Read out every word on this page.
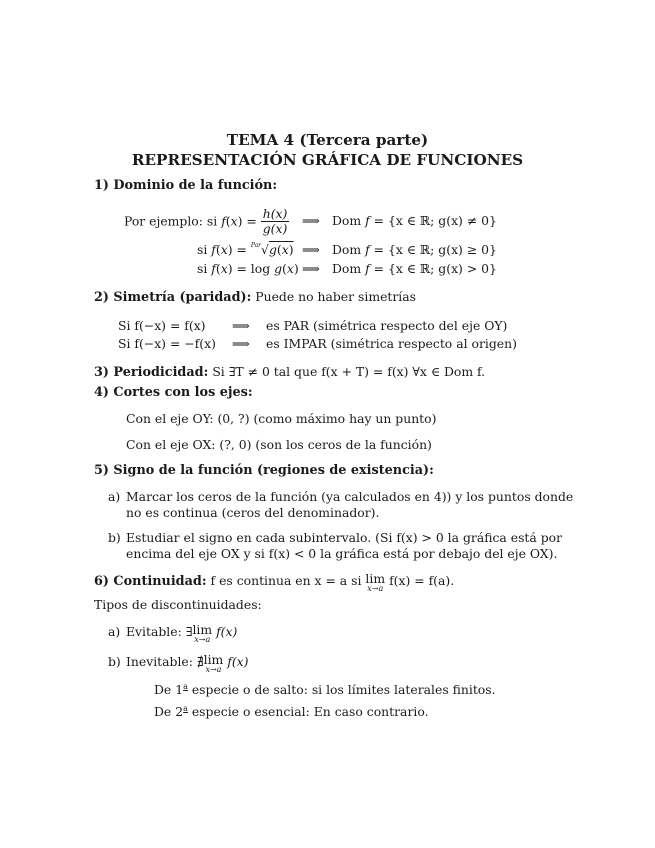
TEMA 4 (Tercera parte)
REPRESENTACIÓN GRÁFICA DE FUNCIONES
1) Dominio de la función:
Por ejemplo: si $f(x) = \frac{h(x)}{g(x)}$ ⟹ Dom f = {x ∈ ℝ; g(x) ≠ 0}
si f(x) = $^{Par}$√g(x) ⟹ Dom f = {x ∈ ℝ; g(x) ≥ 0}
si f(x) = log g(x) ⟹ Dom f = {x ∈ ℝ; g(x) > 0}
2) Simetría (paridad): Puede no haber simetrías
Si f(−x) = f(x) ⟹ es PAR (simétrica respecto del eje OY)
Si f(−x) = −f(x) ⟹ es IMPAR (simétrica respecto al origen)
3) Periodicidad: Si ∃T ≠ 0 tal que f(x + T) = f(x) ∀x ∈ Dom f.
4) Cortes con los ejes:
Con el eje OY: (0, ?) (como máximo hay un punto)
Con el eje OX: (?, 0) (son los ceros de la función)
5) Signo de la función (regiones de existencia):
a) Marcar los ceros de la función (ya calculados en 4)) y los puntos donde
no es continua (ceros del denominador).
b) Estudiar el signo en cada subintervalo. (Si f(x) > 0 la gráfica está por
encima del eje OX y si f(x) < 0 la gráfica está por debajo del eje OX).
6) Continuidad: f es continua en x = a si lim
x→a
f(x) = f(a).
Tipos de discontinuidades:
a) Evitable: ∃lim
x→a
f(x)
b) Inevitable: ∄lim
x→a
f(x)
De 1$^a$ especie o de salto: si los límites laterales finitos.
De 2$^a$ especie o esencial: En caso contrario.
